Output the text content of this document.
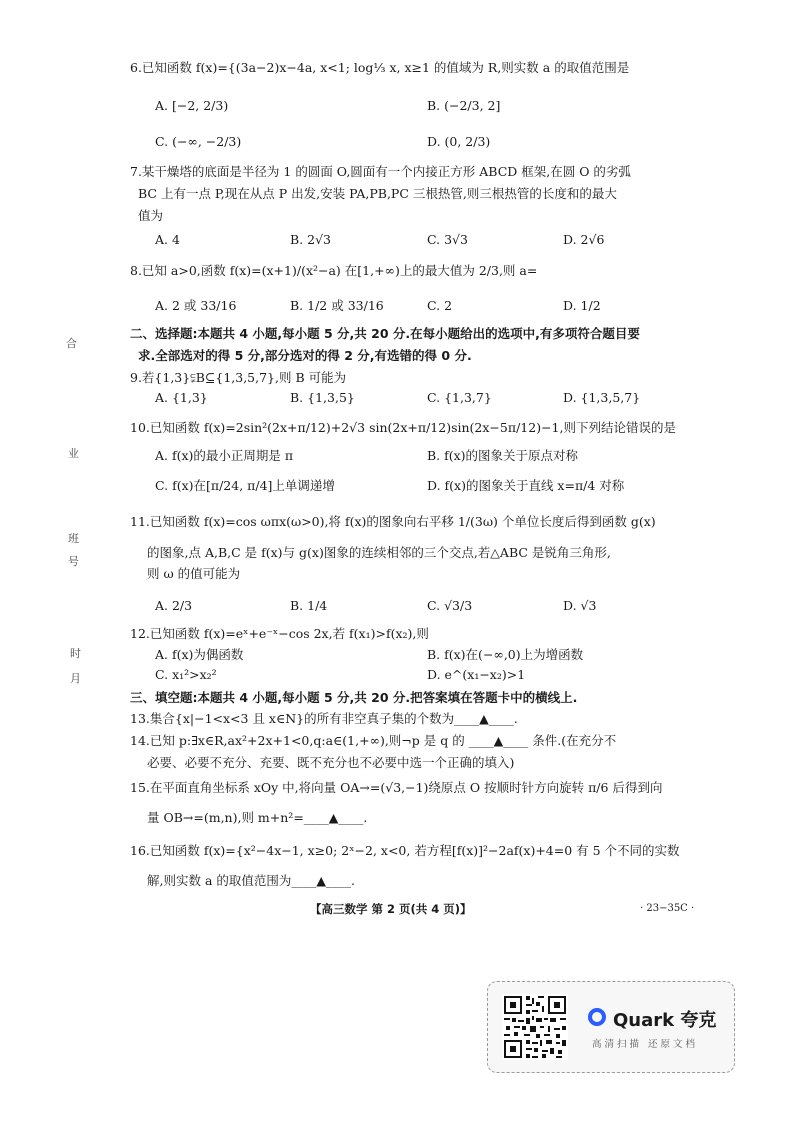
合
业
班
号
时
月
6.已知函数 f(x)={(3a−2)x−4a, x<1; log⅓ x, x≥1 的值域为 R,则实数 a 的取值范围是
A. [−2, 2/3)	B. (−2/3, 2]
C. (−∞, −2/3)	D. (0, 2/3)
7.某干燥塔的底面是半径为 1 的圆面 O,圆面有一个内接正方形 ABCD 框架,在圆 O 的劣弧
BC 上有一点 P,现在从点 P 出发,安装 PA,PB,PC 三根热管,则三根热管的长度和的最大
值为
A. 4	B. 2√3	C. 3√3	D. 2√6
8.已知 a>0,函数 f(x)=(x+1)/(x²−a) 在[1,+∞)上的最大值为 2/3,则 a=
A. 2 或 33/16	B. 1/2 或 33/16	C. 2	D. 1/2
二、选择题:本题共 4 小题,每小题 5 分,共 20 分.在每小题给出的选项中,有多项符合题目要
求.全部选对的得 5 分,部分选对的得 2 分,有选错的得 0 分.
9.若{1,3}⫋B⊆{1,3,5,7},则 B 可能为
A. {1,3}	B. {1,3,5}	C. {1,3,7}	D. {1,3,5,7}
10.已知函数 f(x)=2sin²(2x+π/12)+2√3 sin(2x+π/12)sin(2x−5π/12)−1,则下列结论错误的是
A. f(x)的最小正周期是 π	B. f(x)的图象关于原点对称
C. f(x)在[π/24, π/4]上单调递增	D. f(x)的图象关于直线 x=π/4 对称
11.已知函数 f(x)=cos ωπx(ω>0),将 f(x)的图象向右平移 1/(3ω) 个单位长度后得到函数 g(x)
的图象,点 A,B,C 是 f(x)与 g(x)图象的连续相邻的三个交点,若△ABC 是锐角三角形,
则 ω 的值可能为
A. 2/3	B. 1/4	C. √3/3	D. √3
12.已知函数 f(x)=eˣ+e⁻ˣ−cos 2x,若 f(x₁)>f(x₂),则
A. f(x)为偶函数	B. f(x)在(−∞,0)上为增函数
C. x₁²>x₂²	D. e^(x₁−x₂)>1
三、填空题:本题共 4 小题,每小题 5 分,共 20 分.把答案填在答题卡中的横线上.
13.集合{x|−1<x<3 且 x∈N}的所有非空真子集的个数为____▲____.
14.已知 p:∃x∈R,ax²+2x+1<0,q:a∈(1,+∞),则¬p 是 q 的 ____▲____ 条件.(在充分不
必要、必要不充分、充要、既不充分也不必要中选一个正确的填入)
15.在平面直角坐标系 xOy 中,将向量 OA→=(√3,−1)绕原点 O 按顺时针方向旋转 π/6 后得到向
量 OB→=(m,n),则 m+n²=____▲____.
16.已知函数 f(x)={x²−4x−1, x≥0; 2ˣ−2, x<0, 若方程[f(x)]²−2af(x)+4=0 有 5 个不同的实数
解,则实数 a 的取值范围为____▲____.
【高三数学 第 2 页(共 4 页)】	· 23−35C ·
Quark 夸克
高清扫描 还原文档
